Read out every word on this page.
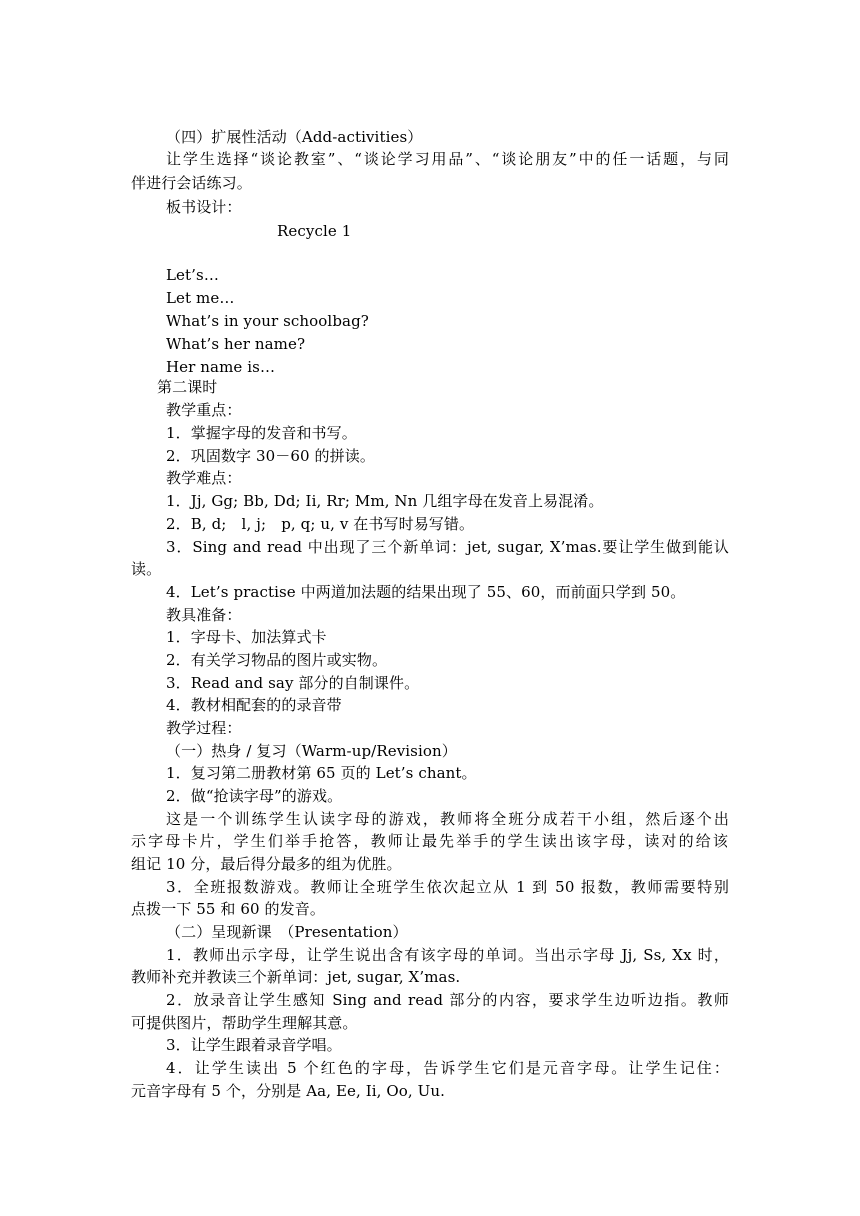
（四）扩展性活动（Add-activities）
让学生选择“谈论教室”、“谈论学习用品”、“谈论朋友”中的任一话题，与同
伴进行会话练习。
板书设计：
Recycle 1
Let’s…
Let me…
What’s in your schoolbag?
What’s her name?
Her name is…
第二课时
教学重点：
1．掌握字母的发音和书写。
2．巩固数字 30－60 的拼读。
教学难点：
1．Jj, Gg; Bb, Dd; Ii, Rr; Mm, Nn 几组字母在发音上易混淆。
2．B, d;　l, j;　p, q; u, v 在书写时易写错。
3．Sing and read 中出现了三个新单词：jet, sugar, X’mas.要让学生做到能认
读。
4．Let’s practise 中两道加法题的结果出现了 55、60，而前面只学到 50。
教具准备：
1．字母卡、加法算式卡
2．有关学习物品的图片或实物。
3．Read and say 部分的自制课件。
4．教材相配套的的录音带
教学过程：
（一）热身 / 复习（Warm-up/Revision）
1．复习第二册教材第 65 页的 Let’s chant。
2．做“抢读字母”的游戏。
这是一个训练学生认读字母的游戏，教师将全班分成若干小组，然后逐个出
示字母卡片，学生们举手抢答，教师让最先举手的学生读出该字母，读对的给该
组记 10 分，最后得分最多的组为优胜。
3．全班报数游戏。教师让全班学生依次起立从 1 到 50 报数，教师需要特别
点拨一下 55 和 60 的发音。
（二）呈现新课　（Presentation）
1．教师出示字母，让学生说出含有该字母的单词。当出示字母 Jj, Ss, Xx 时，
教师补充并教读三个新单词：jet, sugar, X’mas.
2．放录音让学生感知 Sing and read 部分的内容，要求学生边听边指。教师
可提供图片，帮助学生理解其意。
3．让学生跟着录音学唱。
4．让学生读出 5 个红色的字母，告诉学生它们是元音字母。让学生记住：
元音字母有 5 个，分别是 Aa, Ee, Ii, Oo, Uu.
